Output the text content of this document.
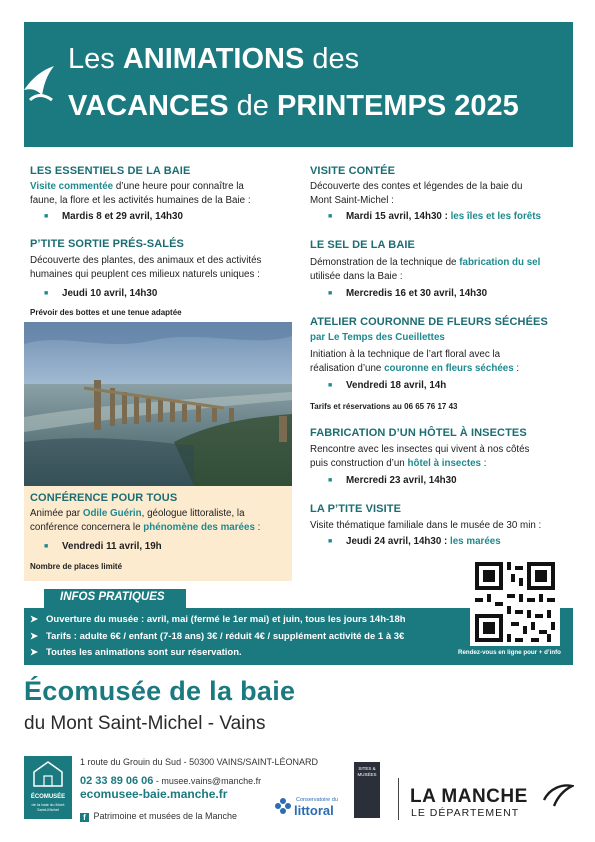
Les ANIMATIONS des
VACANCES de PRINTEMPS 2025
LES ESSENTIELS DE LA BAIE
Visite commentée d’une heure pour connaître la
faune, la flore et les activités humaines de la Baie :
■ Mardis 8 et 29 avril, 14h30
P’TITE SORTIE PRÉS-SALÉS
Découverte des plantes, des animaux et des activités
humaines qui peuplent ces milieux naturels uniques :
■ Jeudi 10 avril, 14h30
Prévoir des bottes et une tenue adaptée
CONFÉRENCE POUR TOUS
Animée par Odile Guérin, géologue littoraliste, la
conférence concernera le phénomène des marées :
■ Vendredi 11 avril, 19h
Nombre de places limité
VISITE CONTÉE
Découverte des contes et légendes de la baie du
Mont Saint-Michel :
■ Mardi 15 avril, 14h30 : les îles et les forêts
LE SEL DE LA BAIE
Démonstration de la technique de fabrication du sel
utilisée dans la Baie :
■ Mercredis 16 et 30 avril, 14h30
ATELIER COURONNE DE FLEURS SÉCHÉES
par Le Temps des Cueillettes
Initiation à la technique de l’art floral avec la
réalisation d’une couronne en fleurs séchées :
■ Vendredi 18 avril, 14h
Tarifs et réservations au 06 65 76 17 43
FABRICATION D’UN HÔTEL À INSECTES
Rencontre avec les insectes qui vivent à nos côtés
puis construction d’un hôtel à insectes :
■ Mercredi 23 avril, 14h30
LA P’TITE VISITE
Visite thématique familiale dans le musée de 30 min :
■ Jeudi 24 avril, 14h30 : les marées
INFOS PRATIQUES
➤ Ouverture du musée : avril, mai (fermé le 1er mai) et juin, tous les jours 14h-18h
➤ Tarifs : adulte 6€ / enfant (7-18 ans) 3€ / réduit 4€ / supplément activité de 1 à 3€
➤ Toutes les animations sont sur réservation.	Rendez-vous en ligne pour + d’info
Écomusée de la baie
du Mont Saint-Michel - Vains
ÉCOMUSÉE
de la baie du Mont Saint-Michel
1 route du Grouin du Sud - 50300 VAINS/SAINT-LÉONARD
02 33 89 06 06 - musee.vains@manche.fr
ecomusee-baie.manche.fr
f Patrimoine et musées de la Manche
Conservatoire du
littoral
SITES & MUSÉES
LA MANCHE
LE DÉPARTEMENT
